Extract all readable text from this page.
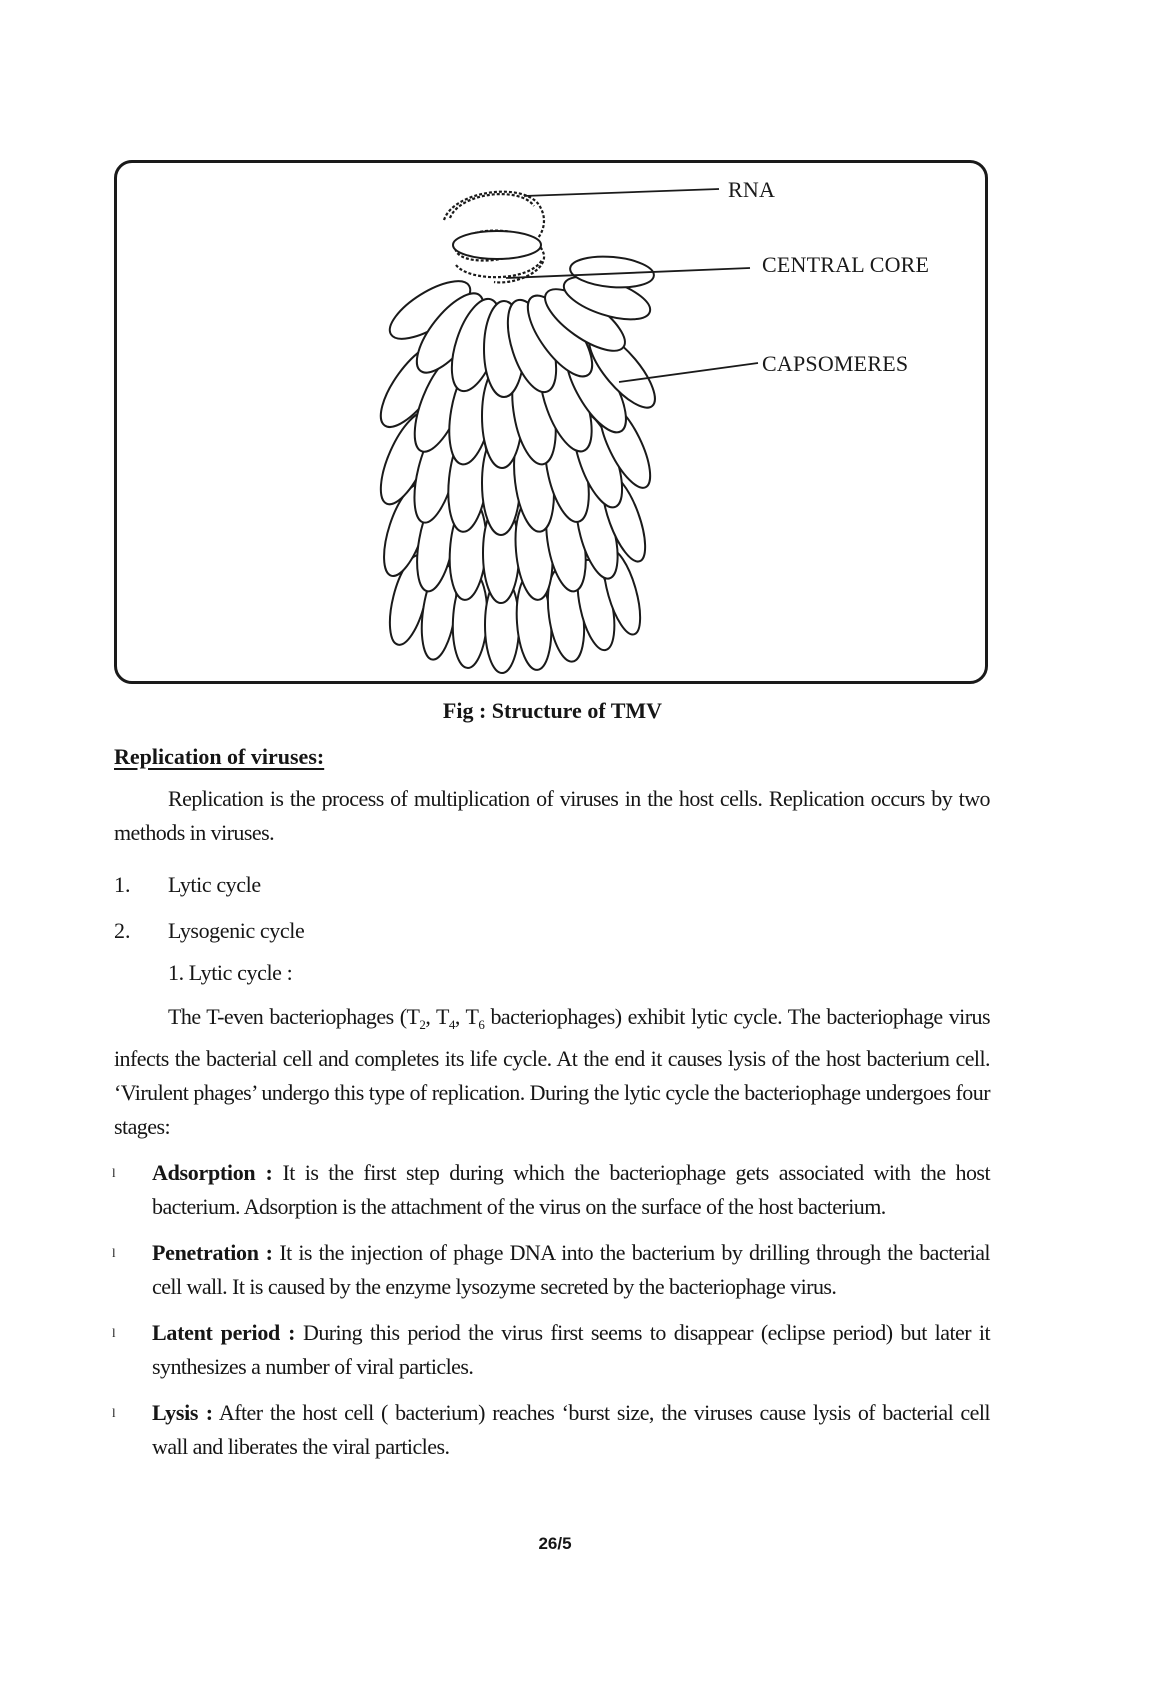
RNA
CENTRAL CORE
CAPSOMERES
Fig : Structure of TMV
Replication of viruses:

Replication is the process of multiplication of viruses in the host cells. Replication occurs by two methods in viruses.

1. Lytic cycle
2. Lysogenic cycle
1. Lytic cycle :

The T-even bacteriophages ($T_2$, $T_4$, $T_6$ bacteriophages) exhibit lytic cycle. The bacteriophage virus infects the bacterial cell and completes its life cycle. At the end it causes lysis of the host bacterium cell. ‘Virulent phages’ undergo this type of replication. During the lytic cycle the bacteriophage undergoes four stages:

l Adsorption : It is the first step during which the bacteriophage gets associated with the host bacterium. Adsorption is the attachment of the virus on the surface of the host bacterium.

l Penetration : It is the injection of phage DNA into the bacterium by drilling through the bacterial cell wall. It is caused by the enzyme lysozyme secreted by the bacteriophage virus.

l Latent period : During this period the virus first seems to disappear (eclipse period) but later it synthesizes a number of viral particles.

l Lysis : After the host cell ( bacterium) reaches ‘burst size, the viruses cause lysis of bacterial cell wall and liberates the viral particles.

26/5
